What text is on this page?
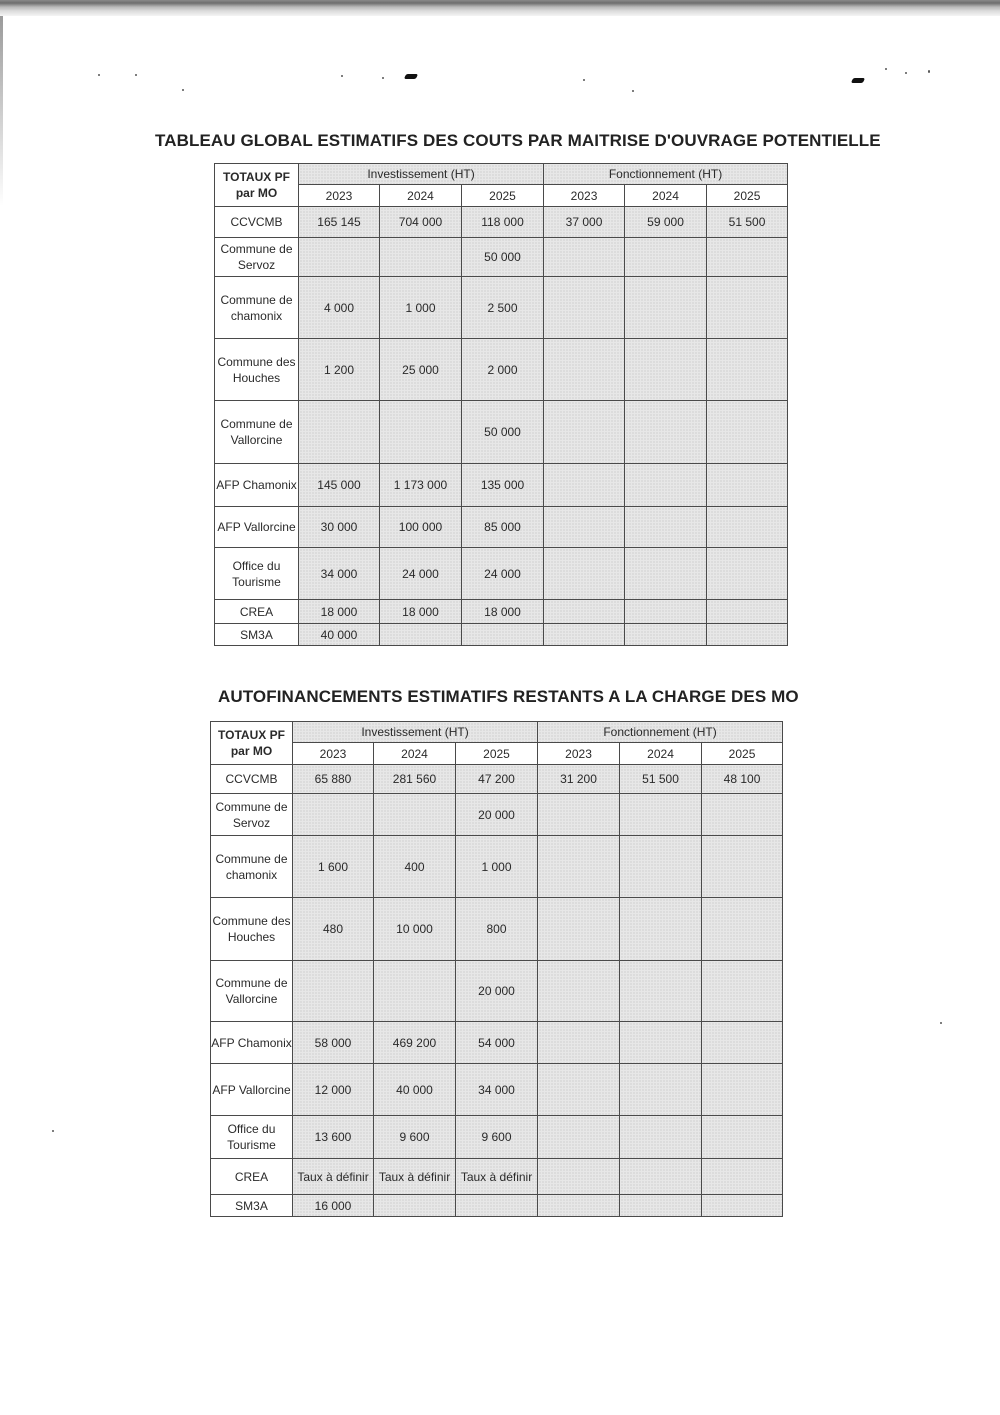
TABLEAU GLOBAL ESTIMATIFS DES COUTS PAR MAITRISE D'OUVRAGE POTENTIELLE
TOTAUX PF par MO	Investissement (HT)			Fonctionnement (HT)		
	2023	2024	2025	2023	2024	2025
CCVCMB	165 145	704 000	118 000	37 000	59 000	51 500
Commune de Servoz			50 000			
Commune de chamonix	4 000	1 000	2 500			
Commune des Houches	1 200	25 000	2 000			
Commune de Vallorcine			50 000			
AFP Chamonix	145 000	1 173 000	135 000			
AFP Vallorcine	30 000	100 000	85 000			
Office du Tourisme	34 000	24 000	24 000			
CREA	18 000	18 000	18 000			
SM3A	40 000					
AUTOFINANCEMENTS ESTIMATIFS RESTANTS A LA CHARGE DES MO
TOTAUX PF par MO	Investissement (HT)			Fonctionnement (HT)		
	2023	2024	2025	2023	2024	2025
CCVCMB	65 880	281 560	47 200	31 200	51 500	48 100
Commune de Servoz			20 000			
Commune de chamonix	1 600	400	1 000			
Commune des Houches	480	10 000	800			
Commune de Vallorcine			20 000			
AFP Chamonix	58 000	469 200	54 000			
AFP Vallorcine	12 000	40 000	34 000			
Office du Tourisme	13 600	9 600	9 600			
CREA	Taux à définir	Taux à définir	Taux à définir			
SM3A	16 000					
